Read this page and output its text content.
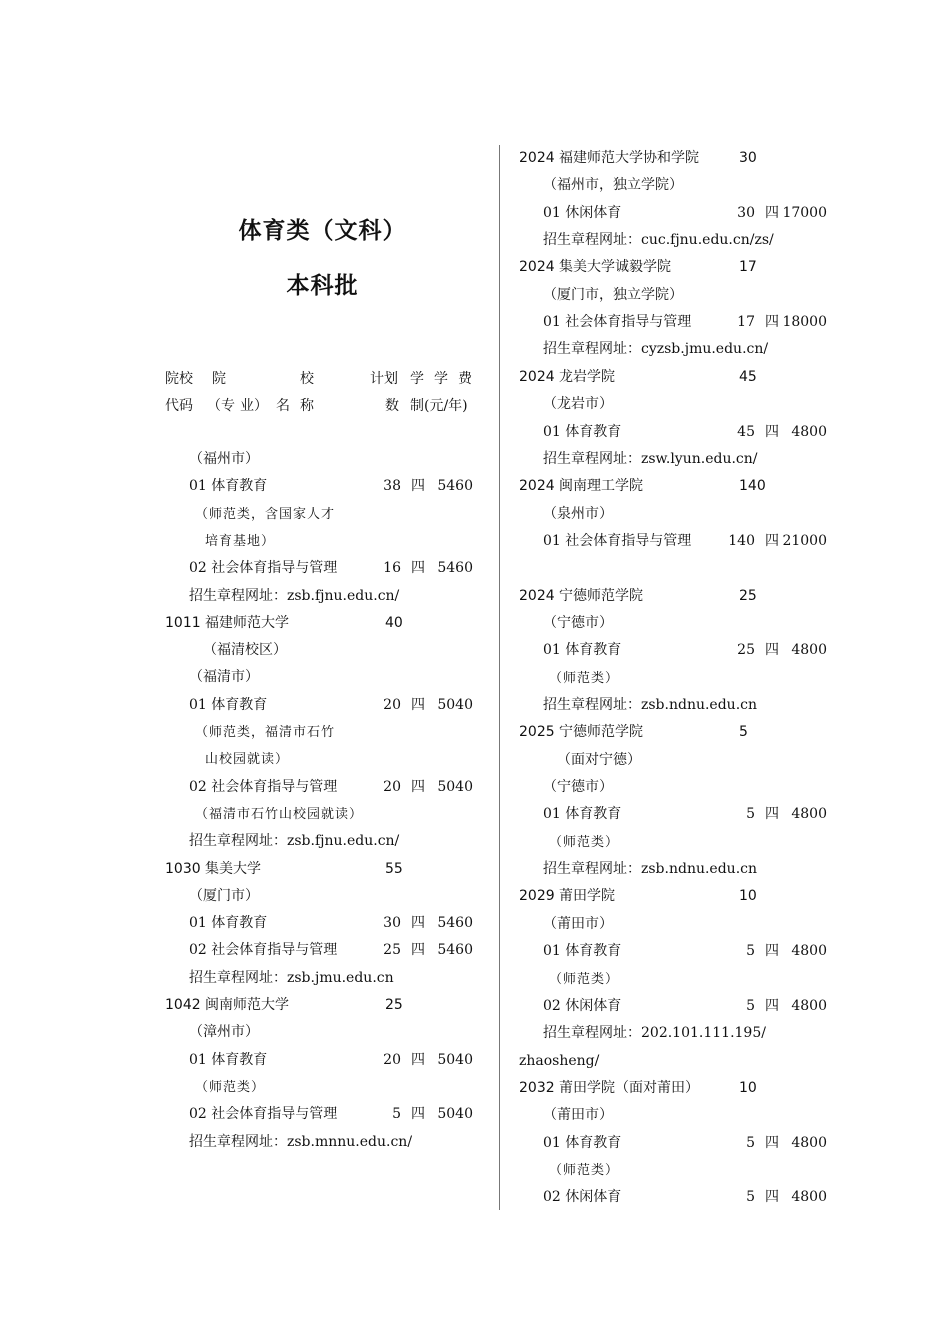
体育类（文科）
本科批
院校 院	校	计划 学 学 费
代码 （专 业） 名 称	数 制(元/年)
（福州市）
01 体育教育	38 四 5460
（师范类，含国家人才
培育基地）
02 社会体育指导与管理	16 四 5460
招生章程网址：zsb.fjnu.edu.cn/
1011 福建师范大学	40
（福清校区）
（福清市）
01 体育教育	20 四 5040
（师范类，福清市石竹
山校园就读）
02 社会体育指导与管理	20 四 5040
（福清市石竹山校园就读）
招生章程网址：zsb.fjnu.edu.cn/
1030 集美大学	55
（厦门市）
01 体育教育	30 四 5460
02 社会体育指导与管理	25 四 5460
招生章程网址：zsb.jmu.edu.cn
1042 闽南师范大学	25
（漳州市）
01 体育教育	20 四 5040
（师范类）
02 社会体育指导与管理	5 四 5040
招生章程网址：zsb.mnnu.edu.cn/
2024 福建师范大学协和学院	30
（福州市，独立学院）
01 休闲体育	30 四 17000
招生章程网址：cuc.fjnu.edu.cn/zs/
2024 集美大学诚毅学院	17
（厦门市，独立学院）
01 社会体育指导与管理	17 四 18000
招生章程网址：cyzsb.jmu.edu.cn/
2024 龙岩学院	45
（龙岩市）
01 体育教育	45 四 4800
招生章程网址：zsw.lyun.edu.cn/
2024 闽南理工学院	140
（泉州市）
01 社会体育指导与管理	140 四 21000
2024 宁德师范学院	25
（宁德市）
01 体育教育	25 四 4800
（师范类）
招生章程网址：zsb.ndnu.edu.cn
2025 宁德师范学院	5
（面对宁德）
（宁德市）
01 体育教育	5 四 4800
（师范类）
招生章程网址：zsb.ndnu.edu.cn
2029 莆田学院	10
（莆田市）
01 体育教育	5 四 4800
（师范类）
02 休闲体育	5 四 4800
招生章程网址：202.101.111.195/
zhaosheng/
2032 莆田学院（面对莆田）	10
（莆田市）
01 体育教育	5 四 4800
（师范类）
02 休闲体育	5 四 4800
